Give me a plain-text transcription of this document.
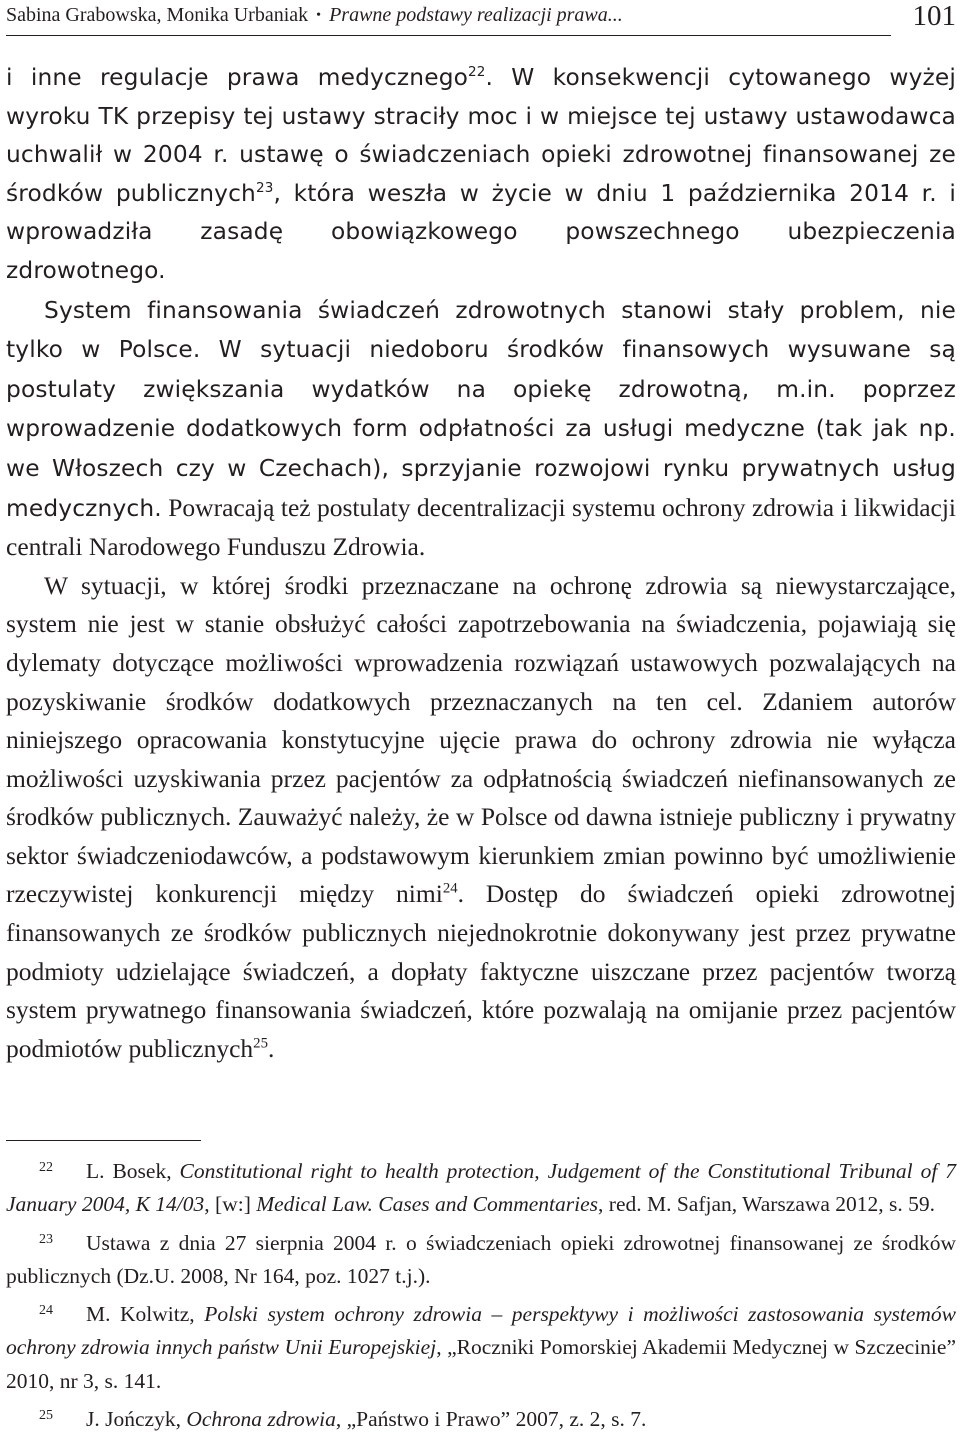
Sabina Grabowska, Monika Urbaniak • Prawne podstawy realizacji prawa...	101

i inne regulacje prawa medycznego$^{22}$. W konsekwencji cytowanego wyżej wyroku TK przepisy tej ustawy straciły moc i w miejsce tej ustawy ustawodawca uchwalił w 2004 r. ustawę o świadczeniach opieki zdrowotnej finansowanej ze środków publicznych$^{23}$, która weszła w życie w dniu 1 października 2014 r. i wprowadziła zasadę obowiązkowego powszechnego ubezpieczenia zdrowotnego.

System finansowania świadczeń zdrowotnych stanowi stały problem, nie tylko w Polsce. W sytuacji niedoboru środków finansowych wysuwane są postulaty zwiększania wydatków na opiekę zdrowotną, m.in. poprzez wprowadzenie dodatkowych form odpłatności za usługi medyczne (tak jak np. we Włoszech czy w Czechach), sprzyjanie rozwojowi rynku prywatnych usług medycznych. Powracają też postulaty decentralizacji systemu ochrony zdrowia i likwidacji centrali Narodowego Funduszu Zdrowia.

W sytuacji, w której środki przeznaczane na ochronę zdrowia są niewystarczające, system nie jest w stanie obsłużyć całości zapotrzebowania na świadczenia, pojawiają się dylematy dotyczące możliwości wprowadzenia rozwiązań ustawowych pozwalających na pozyskiwanie środków dodatkowych przeznaczanych na ten cel. Zdaniem autorów niniejszego opracowania konstytucyjne ujęcie prawa do ochrony zdrowia nie wyłącza możliwości uzyskiwania przez pacjentów za odpłatnością świadczeń niefinansowanych ze środków publicznych. Zauważyć należy, że w Polsce od dawna istnieje publiczny i prywatny sektor świadczeniodawców, a podstawowym kierunkiem zmian powinno być umożliwienie rzeczywistej konkurencji między nimi$^{24}$. Dostęp do świadczeń opieki zdrowotnej finansowanych ze środków publicznych niejednokrotnie dokonywany jest przez prywatne podmioty udzielające świadczeń, a dopłaty faktyczne uiszczane przez pacjentów tworzą system prywatnego finansowania świadczeń, które pozwalają na omijanie przez pacjentów podmiotów publicznych$^{25}$.

22 L. Bosek, Constitutional right to health protection, Judgement of the Constitutional Tribunal of 7 January 2004, K 14/03, [w:] Medical Law. Cases and Commentaries, red. M. Safjan, Warszawa 2012, s. 59.

23 Ustawa z dnia 27 sierpnia 2004 r. o świadczeniach opieki zdrowotnej finansowanej ze środków publicznych (Dz.U. 2008, Nr 164, poz. 1027 t.j.).

24 M. Kolwitz, Polski system ochrony zdrowia – perspektywy i możliwości zastosowania systemów ochrony zdrowia innych państw Unii Europejskiej, „Roczniki Pomorskiej Akademii Medycznej w Szczecinie” 2010, nr 3, s. 141.

25 J. Jończyk, Ochrona zdrowia, „Państwo i Prawo” 2007, z. 2, s. 7.
